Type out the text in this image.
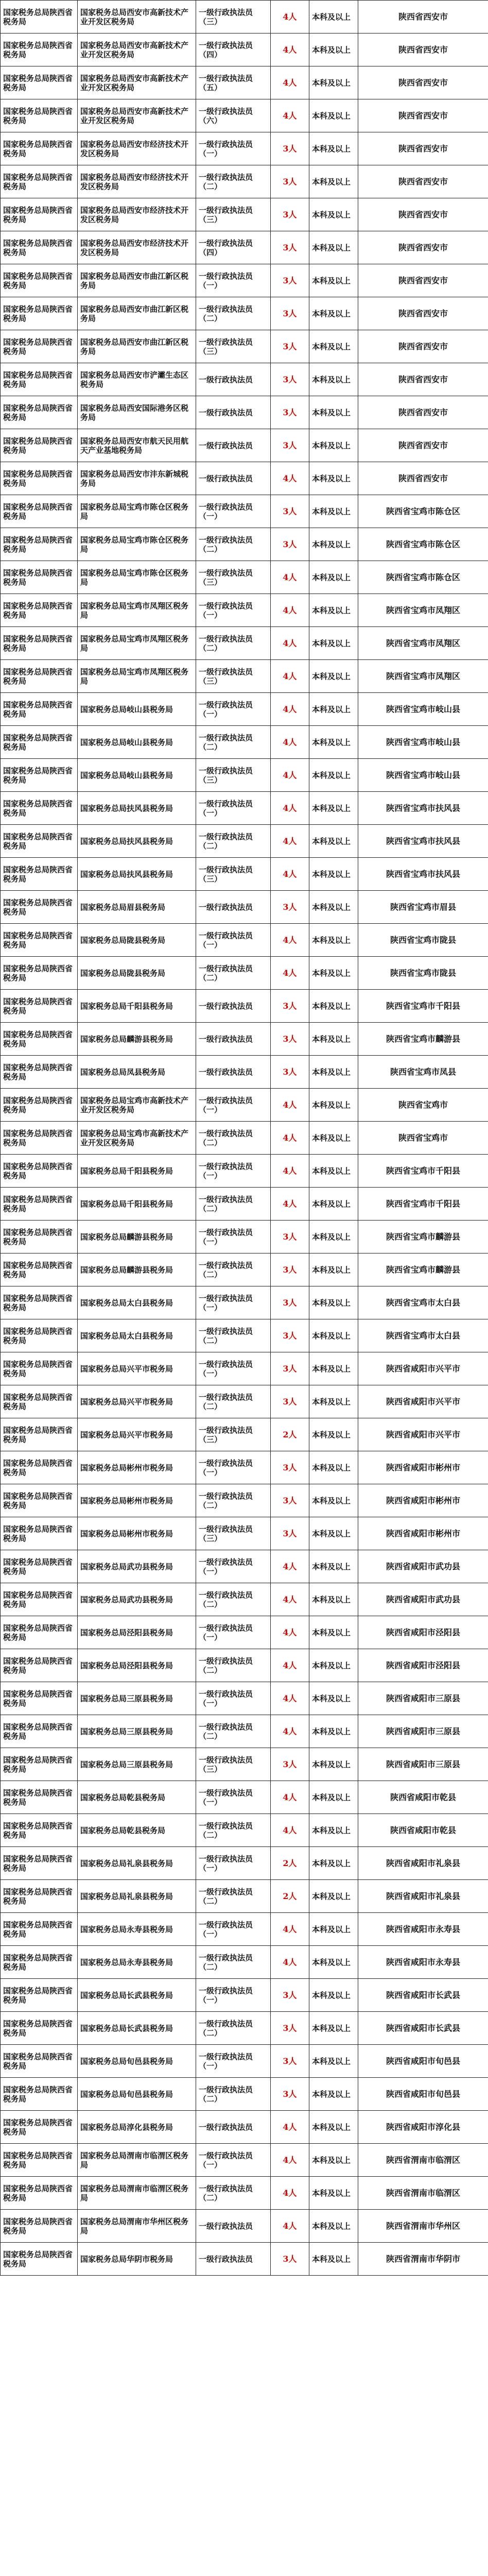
国家税务总局陕西省税务局	国家税务总局西安市高新技术产业开发区税务局	一级行政执法员（三）	4人	本科及以上	陕西省西安市
国家税务总局陕西省税务局	国家税务总局西安市高新技术产业开发区税务局	一级行政执法员（四）	4人	本科及以上	陕西省西安市
国家税务总局陕西省税务局	国家税务总局西安市高新技术产业开发区税务局	一级行政执法员（五）	4人	本科及以上	陕西省西安市
国家税务总局陕西省税务局	国家税务总局西安市高新技术产业开发区税务局	一级行政执法员（六）	4人	本科及以上	陕西省西安市
国家税务总局陕西省税务局	国家税务总局西安市经济技术开发区税务局	一级行政执法员（一）	3人	本科及以上	陕西省西安市
国家税务总局陕西省税务局	国家税务总局西安市经济技术开发区税务局	一级行政执法员（二）	3人	本科及以上	陕西省西安市
国家税务总局陕西省税务局	国家税务总局西安市经济技术开发区税务局	一级行政执法员（三）	3人	本科及以上	陕西省西安市
国家税务总局陕西省税务局	国家税务总局西安市经济技术开发区税务局	一级行政执法员（四）	3人	本科及以上	陕西省西安市
国家税务总局陕西省税务局	国家税务总局西安市曲江新区税务局	一级行政执法员（一）	3人	本科及以上	陕西省西安市
国家税务总局陕西省税务局	国家税务总局西安市曲江新区税务局	一级行政执法员（二）	3人	本科及以上	陕西省西安市
国家税务总局陕西省税务局	国家税务总局西安市曲江新区税务局	一级行政执法员（三）	3人	本科及以上	陕西省西安市
国家税务总局陕西省税务局	国家税务总局西安市浐灞生态区税务局	一级行政执法员	3人	本科及以上	陕西省西安市
国家税务总局陕西省税务局	国家税务总局西安国际港务区税务局	一级行政执法员	3人	本科及以上	陕西省西安市
国家税务总局陕西省税务局	国家税务总局西安市航天民用航天产业基地税务局	一级行政执法员	3人	本科及以上	陕西省西安市
国家税务总局陕西省税务局	国家税务总局西安市沣东新城税务局	一级行政执法员	4人	本科及以上	陕西省西安市
国家税务总局陕西省税务局	国家税务总局宝鸡市陈仓区税务局	一级行政执法员（一）	3人	本科及以上	陕西省宝鸡市陈仓区
国家税务总局陕西省税务局	国家税务总局宝鸡市陈仓区税务局	一级行政执法员（二）	3人	本科及以上	陕西省宝鸡市陈仓区
国家税务总局陕西省税务局	国家税务总局宝鸡市陈仓区税务局	一级行政执法员（三）	4人	本科及以上	陕西省宝鸡市陈仓区
国家税务总局陕西省税务局	国家税务总局宝鸡市凤翔区税务局	一级行政执法员（一）	4人	本科及以上	陕西省宝鸡市凤翔区
国家税务总局陕西省税务局	国家税务总局宝鸡市凤翔区税务局	一级行政执法员（二）	4人	本科及以上	陕西省宝鸡市凤翔区
国家税务总局陕西省税务局	国家税务总局宝鸡市凤翔区税务局	一级行政执法员（三）	4人	本科及以上	陕西省宝鸡市凤翔区
国家税务总局陕西省税务局	国家税务总局岐山县税务局	一级行政执法员（一）	4人	本科及以上	陕西省宝鸡市岐山县
国家税务总局陕西省税务局	国家税务总局岐山县税务局	一级行政执法员（二）	4人	本科及以上	陕西省宝鸡市岐山县
国家税务总局陕西省税务局	国家税务总局岐山县税务局	一级行政执法员（三）	4人	本科及以上	陕西省宝鸡市岐山县
国家税务总局陕西省税务局	国家税务总局扶风县税务局	一级行政执法员（一）	4人	本科及以上	陕西省宝鸡市扶风县
国家税务总局陕西省税务局	国家税务总局扶风县税务局	一级行政执法员（二）	4人	本科及以上	陕西省宝鸡市扶风县
国家税务总局陕西省税务局	国家税务总局扶风县税务局	一级行政执法员（三）	4人	本科及以上	陕西省宝鸡市扶风县
国家税务总局陕西省税务局	国家税务总局眉县税务局	一级行政执法员	3人	本科及以上	陕西省宝鸡市眉县
国家税务总局陕西省税务局	国家税务总局陇县税务局	一级行政执法员（一）	4人	本科及以上	陕西省宝鸡市陇县
国家税务总局陕西省税务局	国家税务总局陇县税务局	一级行政执法员（二）	4人	本科及以上	陕西省宝鸡市陇县
国家税务总局陕西省税务局	国家税务总局千阳县税务局	一级行政执法员	3人	本科及以上	陕西省宝鸡市千阳县
国家税务总局陕西省税务局	国家税务总局麟游县税务局	一级行政执法员	3人	本科及以上	陕西省宝鸡市麟游县
国家税务总局陕西省税务局	国家税务总局凤县税务局	一级行政执法员	3人	本科及以上	陕西省宝鸡市凤县
国家税务总局陕西省税务局	国家税务总局宝鸡市高新技术产业开发区税务局	一级行政执法员（一）	4人	本科及以上	陕西省宝鸡市
国家税务总局陕西省税务局	国家税务总局宝鸡市高新技术产业开发区税务局	一级行政执法员（二）	4人	本科及以上	陕西省宝鸡市
国家税务总局陕西省税务局	国家税务总局千阳县税务局	一级行政执法员（一）	4人	本科及以上	陕西省宝鸡市千阳县
国家税务总局陕西省税务局	国家税务总局千阳县税务局	一级行政执法员（二）	4人	本科及以上	陕西省宝鸡市千阳县
国家税务总局陕西省税务局	国家税务总局麟游县税务局	一级行政执法员（一）	3人	本科及以上	陕西省宝鸡市麟游县
国家税务总局陕西省税务局	国家税务总局麟游县税务局	一级行政执法员（二）	3人	本科及以上	陕西省宝鸡市麟游县
国家税务总局陕西省税务局	国家税务总局太白县税务局	一级行政执法员（一）	3人	本科及以上	陕西省宝鸡市太白县
国家税务总局陕西省税务局	国家税务总局太白县税务局	一级行政执法员（二）	3人	本科及以上	陕西省宝鸡市太白县
国家税务总局陕西省税务局	国家税务总局兴平市税务局	一级行政执法员（一）	3人	本科及以上	陕西省咸阳市兴平市
国家税务总局陕西省税务局	国家税务总局兴平市税务局	一级行政执法员（二）	3人	本科及以上	陕西省咸阳市兴平市
国家税务总局陕西省税务局	国家税务总局兴平市税务局	一级行政执法员（三）	2人	本科及以上	陕西省咸阳市兴平市
国家税务总局陕西省税务局	国家税务总局彬州市税务局	一级行政执法员（一）	3人	本科及以上	陕西省咸阳市彬州市
国家税务总局陕西省税务局	国家税务总局彬州市税务局	一级行政执法员（二）	3人	本科及以上	陕西省咸阳市彬州市
国家税务总局陕西省税务局	国家税务总局彬州市税务局	一级行政执法员（三）	3人	本科及以上	陕西省咸阳市彬州市
国家税务总局陕西省税务局	国家税务总局武功县税务局	一级行政执法员（一）	4人	本科及以上	陕西省咸阳市武功县
国家税务总局陕西省税务局	国家税务总局武功县税务局	一级行政执法员（二）	4人	本科及以上	陕西省咸阳市武功县
国家税务总局陕西省税务局	国家税务总局泾阳县税务局	一级行政执法员（一）	4人	本科及以上	陕西省咸阳市泾阳县
国家税务总局陕西省税务局	国家税务总局泾阳县税务局	一级行政执法员（二）	4人	本科及以上	陕西省咸阳市泾阳县
国家税务总局陕西省税务局	国家税务总局三原县税务局	一级行政执法员（一）	4人	本科及以上	陕西省咸阳市三原县
国家税务总局陕西省税务局	国家税务总局三原县税务局	一级行政执法员（二）	4人	本科及以上	陕西省咸阳市三原县
国家税务总局陕西省税务局	国家税务总局三原县税务局	一级行政执法员（三）	3人	本科及以上	陕西省咸阳市三原县
国家税务总局陕西省税务局	国家税务总局乾县税务局	一级行政执法员（一）	4人	本科及以上	陕西省咸阳市乾县
国家税务总局陕西省税务局	国家税务总局乾县税务局	一级行政执法员（二）	4人	本科及以上	陕西省咸阳市乾县
国家税务总局陕西省税务局	国家税务总局礼泉县税务局	一级行政执法员（一）	2人	本科及以上	陕西省咸阳市礼泉县
国家税务总局陕西省税务局	国家税务总局礼泉县税务局	一级行政执法员（二）	2人	本科及以上	陕西省咸阳市礼泉县
国家税务总局陕西省税务局	国家税务总局永寿县税务局	一级行政执法员（一）	4人	本科及以上	陕西省咸阳市永寿县
国家税务总局陕西省税务局	国家税务总局永寿县税务局	一级行政执法员（二）	4人	本科及以上	陕西省咸阳市永寿县
国家税务总局陕西省税务局	国家税务总局长武县税务局	一级行政执法员（一）	3人	本科及以上	陕西省咸阳市长武县
国家税务总局陕西省税务局	国家税务总局长武县税务局	一级行政执法员（二）	3人	本科及以上	陕西省咸阳市长武县
国家税务总局陕西省税务局	国家税务总局旬邑县税务局	一级行政执法员（一）	3人	本科及以上	陕西省咸阳市旬邑县
国家税务总局陕西省税务局	国家税务总局旬邑县税务局	一级行政执法员（二）	3人	本科及以上	陕西省咸阳市旬邑县
国家税务总局陕西省税务局	国家税务总局淳化县税务局	一级行政执法员	4人	本科及以上	陕西省咸阳市淳化县
国家税务总局陕西省税务局	国家税务总局渭南市临渭区税务局	一级行政执法员（一）	4人	本科及以上	陕西省渭南市临渭区
国家税务总局陕西省税务局	国家税务总局渭南市临渭区税务局	一级行政执法员（二）	4人	本科及以上	陕西省渭南市临渭区
国家税务总局陕西省税务局	国家税务总局渭南市华州区税务局	一级行政执法员	4人	本科及以上	陕西省渭南市华州区
国家税务总局陕西省税务局	国家税务总局华阴市税务局	一级行政执法员	3人	本科及以上	陕西省渭南市华阴市
